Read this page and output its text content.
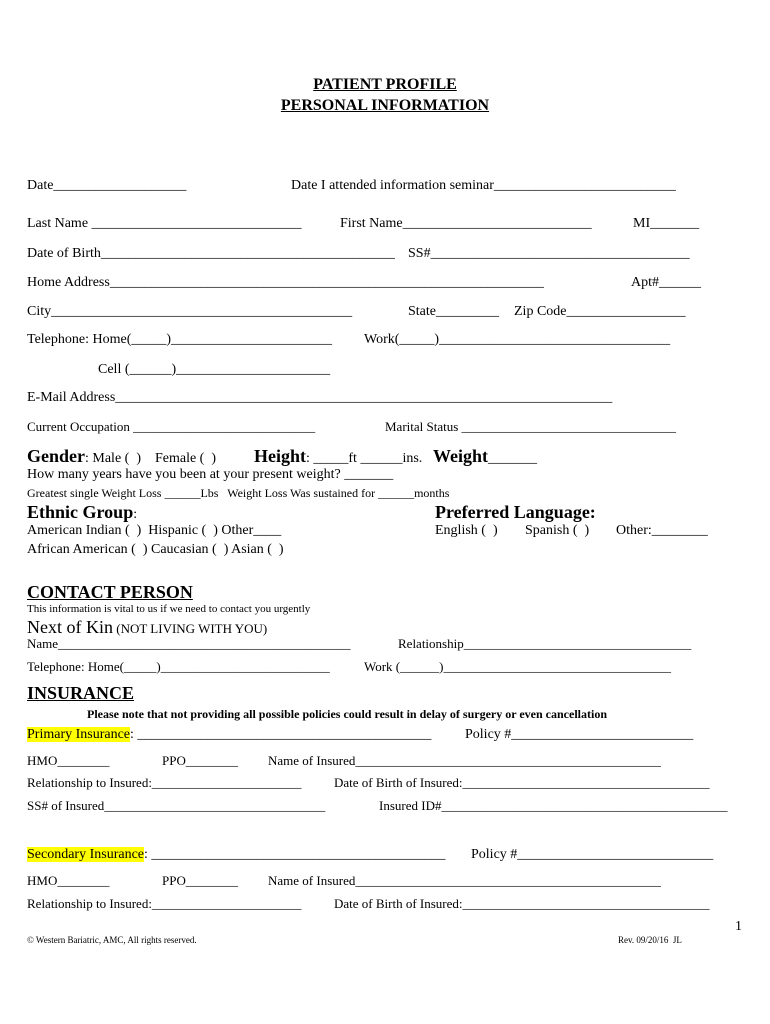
PATIENT PROFILE
PERSONAL INFORMATION
Date___________________	Date I attended information seminar__________________________
Last Name ______________________________	First Name___________________________	MI_______
Date of Birth__________________________________________ SS#_____________________________________
Home Address______________________________________________________________	Apt#______
City___________________________________________	State_________ Zip Code_________________
Telephone: Home(_____)_______________________ Work(_____)_________________________________
Cell (______)______________________
E-Mail Address_______________________________________________________________________
Current Occupation ____________________________	Marital Status _________________________________
Gender: Male (  )    Female (  ) Height: _____ft ______ins. Weight_______
How many years have you been at your present weight? _______
Greatest single Weight Loss ______Lbs   Weight Loss Was sustained for ______months
Ethnic Group:	Preferred Language:
American Indian (  )  Hispanic (  ) Other____	English (  ) Spanish (  ) Other:________
African American (  ) Caucasian (  ) Asian (  )
CONTACT PERSON
This information is vital to us if we need to contact you urgently
Next of Kin (NOT LIVING WITH YOU)
Name_____________________________________________	Relationship___________________________________
Telephone: Home(_____)__________________________	Work (______)___________________________________
INSURANCE
Please note that not providing all possible policies could result in delay of surgery or even cancellation
Primary Insurance: __________________________________________ Policy #__________________________
HMO________	PPO________ Name of Insured_______________________________________________
Relationship to Insured:_______________________	Date of Birth of Insured:______________________________________
SS# of Insured__________________________________	Insured ID#____________________________________________
Secondary Insurance: __________________________________________ Policy #____________________________
HMO________	PPO________ Name of Insured_______________________________________________
Relationship to Insured:_______________________	Date of Birth of Insured:______________________________________
1
© Western Bariatric, AMC, All rights reserved.	Rev. 09/20/16  JL
